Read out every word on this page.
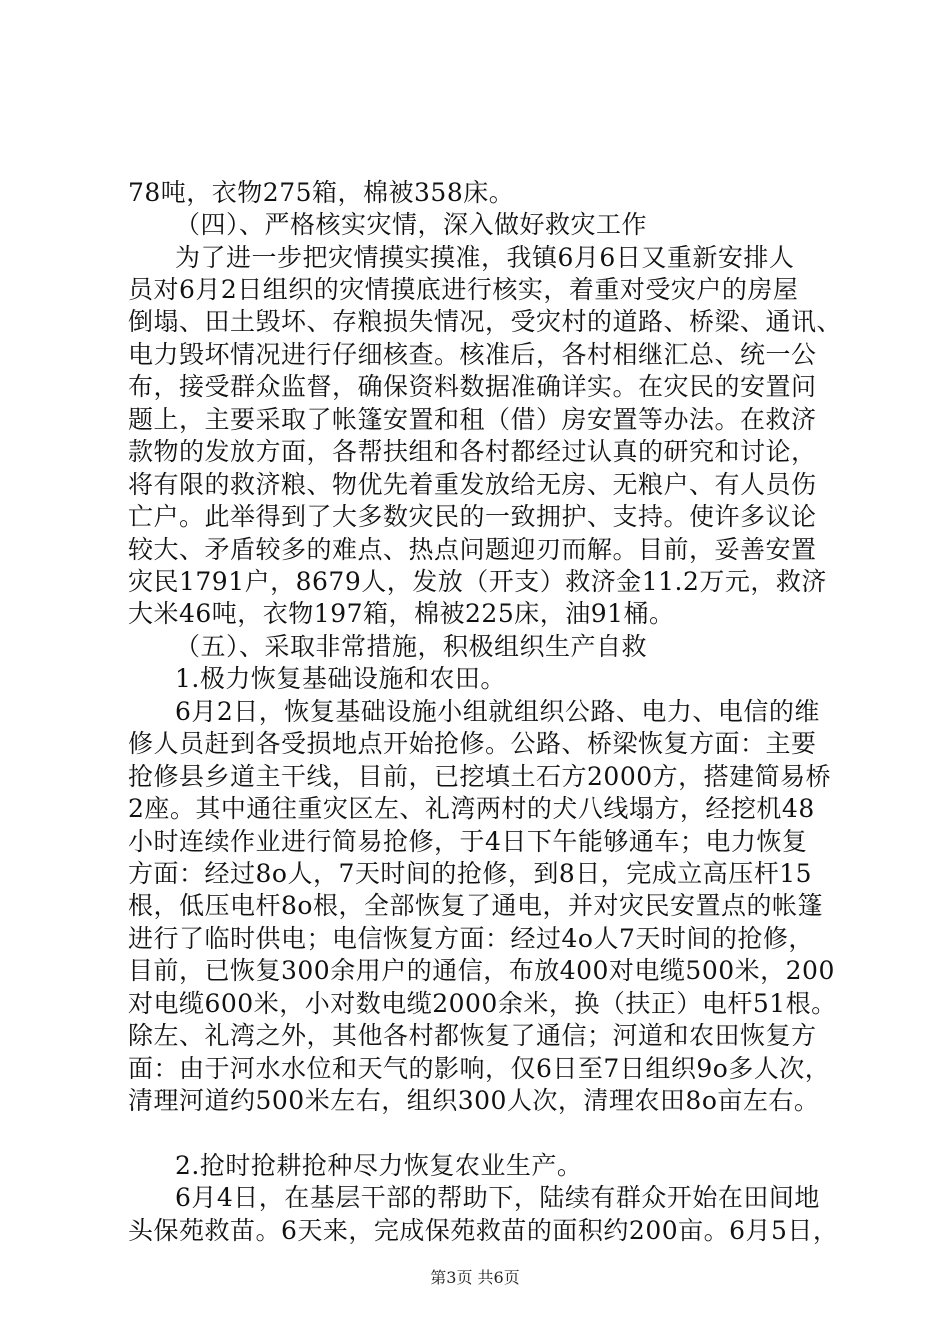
78吨，衣物275箱，棉被358床。
（四）、严格核实灾情，深入做好救灾工作
为了进一步把灾情摸实摸准，我镇6月6日又重新安排人
员对6月2日组织的灾情摸底进行核实，着重对受灾户的房屋
倒塌、田土毁坏、存粮损失情况，受灾村的道路、桥梁、通讯、
电力毁坏情况进行仔细核查。核准后，各村相继汇总、统一公
布，接受群众监督，确保资料数据准确详实。在灾民的安置问
题上，主要采取了帐篷安置和租（借）房安置等办法。在救济
款物的发放方面，各帮扶组和各村都经过认真的研究和讨论，
将有限的救济粮、物优先着重发放给无房、无粮户、有人员伤
亡户。此举得到了大多数灾民的一致拥护、支持。使许多议论
较大、矛盾较多的难点、热点问题迎刃而解。目前，妥善安置
灾民1791户，8679人，发放（开支）救济金11.2万元，救济
大米46吨，衣物197箱，棉被225床，油91桶。
（五）、采取非常措施，积极组织生产自救
1.极力恢复基础设施和农田。
6月2日，恢复基础设施小组就组织公路、电力、电信的维
修人员赶到各受损地点开始抢修。公路、桥梁恢复方面：主要
抢修县乡道主干线，目前，已挖填土石方2000方，搭建简易桥
2座。其中通往重灾区左、礼湾两村的犬八线塌方，经挖机48
小时连续作业进行简易抢修，于4日下午能够通车；电力恢复
方面：经过8o人，7天时间的抢修，到8日，完成立高压杆15
根，低压电杆8o根，全部恢复了通电，并对灾民安置点的帐篷
进行了临时供电；电信恢复方面：经过4o人7天时间的抢修，
目前，已恢复300余用户的通信，布放400对电缆500米，200
对电缆600米，小对数电缆2000余米，换（扶正）电杆51根。
除左、礼湾之外，其他各村都恢复了通信；河道和农田恢复方
面：由于河水水位和天气的影响，仅6日至7日组织9o多人次，
清理河道约500米左右，组织300人次，清理农田8o亩左右。
2.抢时抢耕抢种尽力恢复农业生产。
6月4日，在基层干部的帮助下，陆续有群众开始在田间地
头保苑救苗。6天来，完成保苑救苗的面积约200亩。6月5日，
第3页 共6页
